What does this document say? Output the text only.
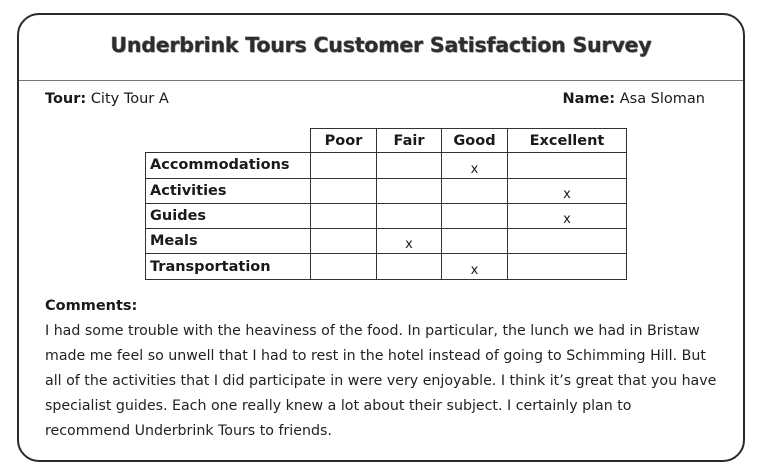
Underbrink Tours Customer Satisfaction Survey
Tour: City Tour A	Name: Asa Sloman
	Poor	Fair	Good	Excellent
Accommodations			x	
Activities				x
Guides				x
Meals		x		
Transportation			x	
Comments:
I had some trouble with the heaviness of the food. In particular, the lunch we had in Bristaw
made me feel so unwell that I had to rest in the hotel instead of going to Schimming Hill. But
all of the activities that I did participate in were very enjoyable. I think it’s great that you have
specialist guides. Each one really knew a lot about their subject. I certainly plan to
recommend Underbrink Tours to friends.
